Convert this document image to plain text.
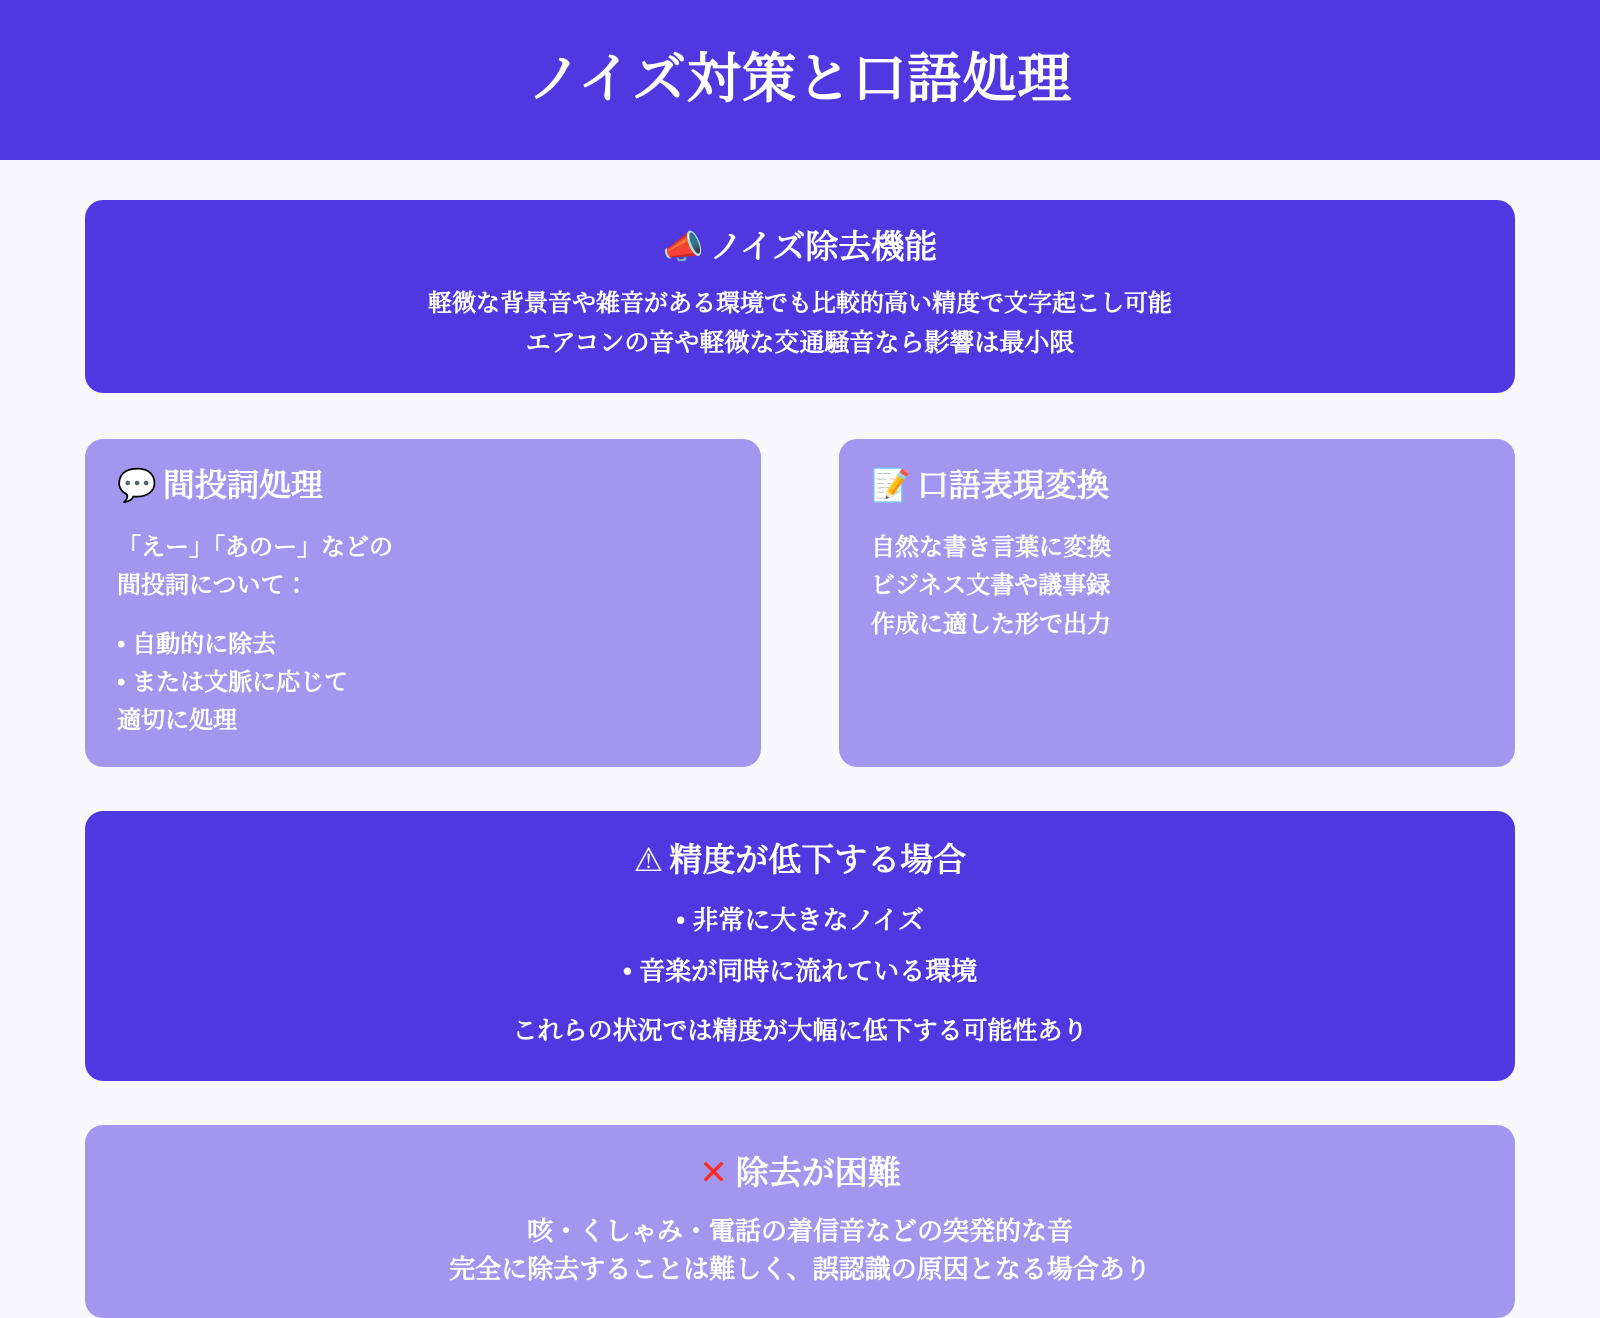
ノイズ対策と口語処理
📣 ノイズ除去機能
軽微な背景音や雑音がある環境でも比較的高い精度で文字起こし可能
エアコンの音や軽微な交通騒音なら影響は最小限
💬 間投詞処理
「えー」「あのー」などの
間投詞について：
• 自動的に除去
• または文脈に応じて
適切に処理
📝 口語表現変換
自然な書き言葉に変換
ビジネス文書や議事録
作成に適した形で出力
⚠ 精度が低下する場合
• 非常に大きなノイズ
• 音楽が同時に流れている環境
これらの状況では精度が大幅に低下する可能性あり
✕ 除去が困難
咳・くしゃみ・電話の着信音などの突発的な音
完全に除去することは難しく、誤認識の原因となる場合あり
